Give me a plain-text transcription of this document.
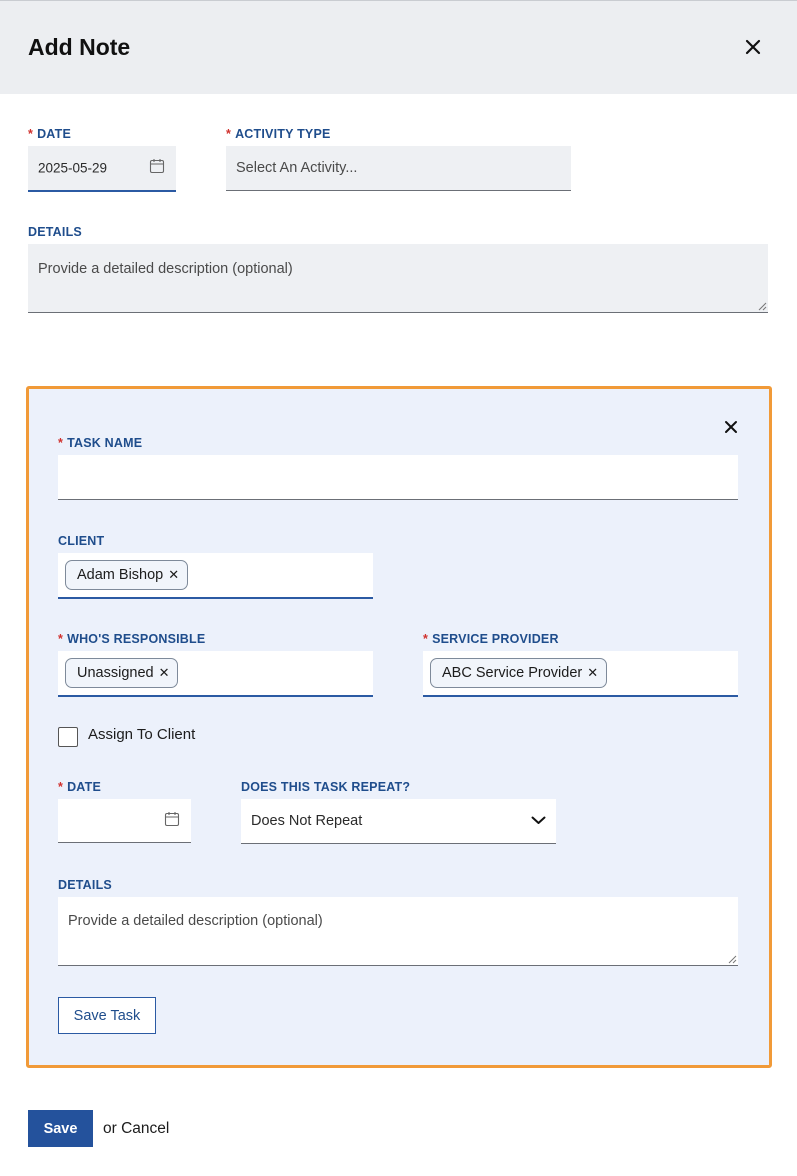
Add Note
* DATE
2025-05-29
* ACTIVITY TYPE
Select An Activity...
DETAILS
Provide a detailed description (optional)
* TASK NAME
CLIENT
Adam Bishop ✕
* WHO'S RESPONSIBLE
Unassigned ✕
* SERVICE PROVIDER
ABC Service Provider ✕
Assign To Client
* DATE	DOES THIS TASK REPEAT?
Does Not Repeat
DETAILS
Provide a detailed description (optional)
Save Task
Save	or Cancel
